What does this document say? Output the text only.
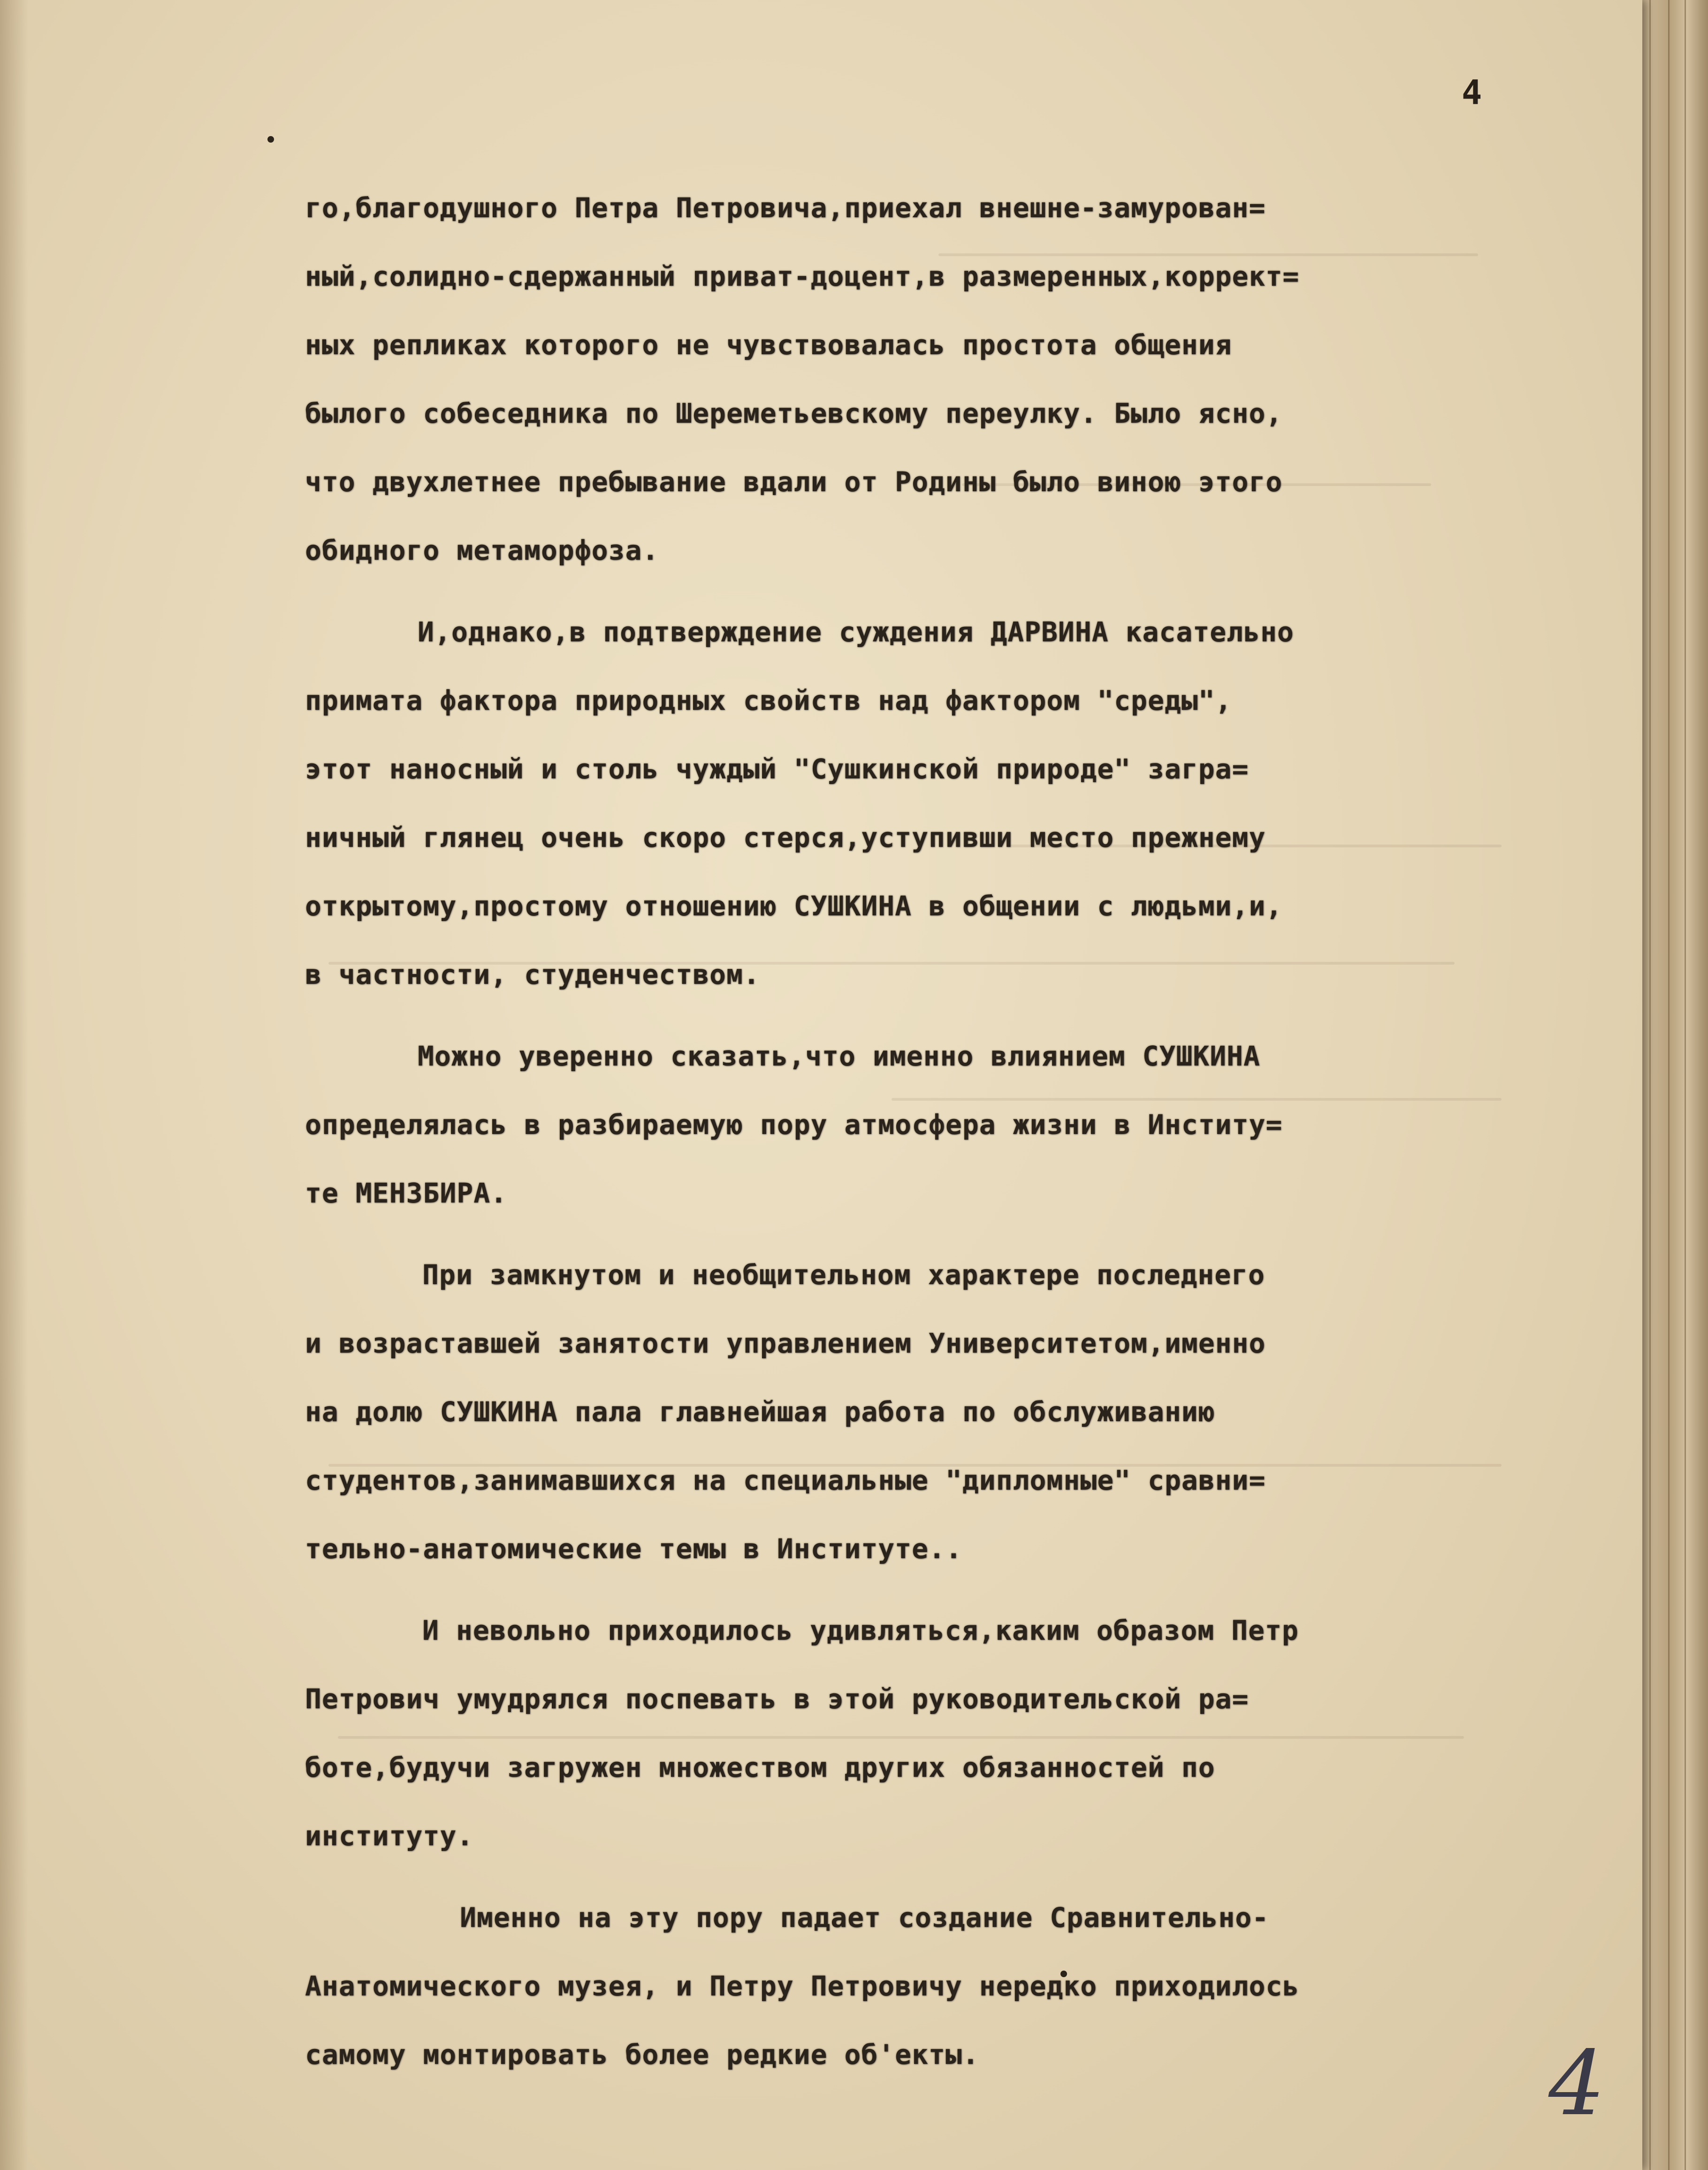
4
го,благодушного Петра Петровича,приехал внешне-замурован=
ный,солидно-сдержанный приват-доцент,в размеренных,коррект=
ных репликах которого не чувствовалась простота общения
былого собеседника по Шереметьевскому переулку. Было ясно,
что двухлетнее пребывание вдали от Родины было виною этого
обидного метаморфоза.
И,однако,в подтверждение суждения ДАРВИНА касательно
примата фактора природных свойств над фактором "среды",
этот наносный и столь чуждый "Сушкинской природе" загра=
ничный глянец очень скоро стерся,уступивши место прежнему
открытому,простому отношению СУШКИНА в общении с людьми,и,
в частности, студенчеством.
Можно уверенно сказать,что именно влиянием СУШКИНА
определялась в разбираемую пору атмосфера жизни в Институ=
те МЕНЗБИРА.
При замкнутом и необщительном характере последнего
и возраставшей занятости управлением Университетом,именно
на долю СУШКИНА пала главнейшая работа по обслуживанию
студентов,занимавшихся на специальные "дипломные" сравни=
тельно-анатомические темы в Институте..
И невольно приходилось удивляться,каким образом Петр
Петрович умудрялся поспевать в этой руководительской ра=
боте,будучи загружен множеством других обязанностей по
институту.
Именно на эту пору падает создание Сравнительно-
Анатомического музея, и Петру Петровичу нередко приходилось
самому монтировать более редкие об'екты.	4
